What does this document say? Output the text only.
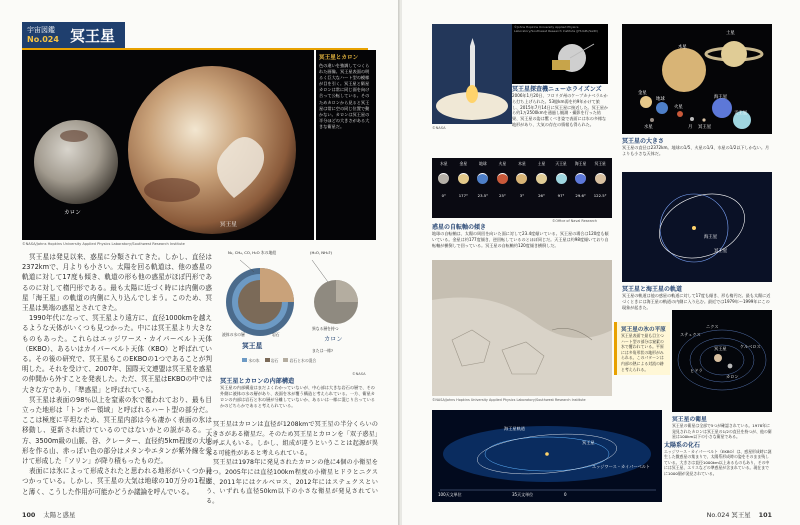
宇宙図鑑
No.024 冥王星
カロン
冥王星
©NASA/Johns Hopkins University Applied Physics Laboratory/Southwest Research Institute
冥王星とカロン
色の違いを強調してつくられた画像。冥王星表面の明るく巨大なハート型の模様が目を引く。冥王星と衛星カロンは常に同じ面を向け合って公転している。そのためカロンから見ると冥王星は常に空の同じ位置で動かない。カロンは冥王星の半分ほどの大きさがある大きな衛星だ。

冥王星は発見以来、惑星に分類されてきた。しかし、直径は2372kmで、月よりも小さい。太陽を回る軌道は、他の惑星の軌道に対して17度も傾き、軌道の形も他の惑星がほぼ円形であるのに対して楕円形である。最も太陽に近づく時には内側の惑星「海王星」の軌道の内側に入り込んでしまう。このため、冥王星は異端の惑星とされてきた。

1990年代になって、冥王星より遠方に、直径1000kmを越えるような天体がいくつも見つかった。中には冥王星より大きなものもあった。これらはエッジワース・カイパーベルト天体（EKBO）、あるいはカイパーベルト天体（KBO）と呼ばれている。その後の研究で、冥王星もこのEKBOの1つであることが判明した。それを受けて、2007年、国際天文連盟は冥王星を惑星の仲間から外すことを発表した。ただ、冥王星はEKBOの中では大きな方であり、「準惑星」と呼ばれている。

冥王星は表面の98％以上を窒素の氷で覆われており、最も目立った地形は「トンボー領域」と呼ばれるハート型の部分だ。ここは極度に平坦なため、冥王星内部は今も凄かく表面の氷は移動し、更新され続けているのではないかとの説がある。一方、3500m級の山脈、谷、クレーター、直径約5km程度の大地形を作る山、赤っぽい色の部分はメタンやエタンが紫外線を受けて形成した「ソリン」が降り積もったものだ。

表面には氷によって形成されたと思われる地形がいくつか見つかっている。しかし、冥王星の大気は地球の10万分の1程度と薄く、こうした作用が可能かどうか議論を呼んでいる。

N₂, CH₄, CO, H₂O 氷の地殻
液体の水の層	岩石
(H₂O, NH₃?)
異なる層を持つ
または一様?
冥王星
カロン
水の氷	岩石	岩石と水の混合
©NASA
冥王星とカロンの内部構造
冥王星の内部構造はまだよくわかっていないが、中心部は大きな岩石の層で、その外側に液体の水の層があり、表面を氷が覆う構造と考えられている。一方、衛星カロンの内部は岩石と氷の層が分離していないか、あるいは一様に混じり合っているかのどちらかであると考えられている。

冥王星はカロンは直径が1208kmで冥王星の半分くらいの大きさがある衛星だ。そのため冥王星とカロンを「双子惑星」と呼ぶ人もいる。しかし、組成が違うということは起源が異なる可能性があると考えられている。

冥王星は1978年に発見されたカロンの他に4個の小衛星を持つ。2005年には直径100km程度の小衛星ヒドラとニクスが、2011年にはケルベロス、2012年にはステュクスという、いずれも直径50km以下の小さな衛星が発見されている。

100 太陽と惑星
©NASA
©Johns Hopkins University Applied Physics Laboratory/Southwest Research Institute (JHUAPL/SwRI)
冥王星探査機ニューホライズンズ
2006年1月20日、フロリダ州のケープカナベラルから打ち上げられた。53億km弱を約9年かけて旅し、2015年7月14日に冥王星に接近した。冥王星から約1万2500kmを通過し観測・撮影を行った結果、冥王星の姿は驚くべき姿で表面には氷の多様な地形があり、大気の存在の情報も得られた。
土星
木星
金星
地球	海王星
火星
月 冥王星
天王星
水星
冥王星の大きさ
冥王星の直径は2372km。地球の1/5、火星の1/3、水星の1/2以下しかない。月よりも小さな天体だ。
水星
0°
金星
177°
地球
23.5°
火星
25°
木星
3°
土星
26°
天王星
97°
海王星
29.6°
冥王星
122.5°
©Office of Naval Research
惑星の自転軸の傾き
地球の自転軸は、太陽の周回を向いた面に対して23.4度傾いている。冥王星の場合は120度も傾いている。金星は約177度傾き、逆回転しているのとほぼ同じだ。天王星は約98度傾いており自転軸が横倒しで回っている。冥王星の自転軸約120度傾き横倒しだ。
海王星
冥王星
冥王星と海王星の軌道
冥王星の軌道は他の惑星の軌道に対して17度も傾き、形も楕円だ。最も太陽に近づくときには海王星の軌道の内側に入り込む。最近では1979年〜1999年にこの現象が起きた。
©NASA/Johns Hopkins University Applied Physics Laboratory/Southwest Research Institute
冥王星の氷の平原
冥王星表面で最も目立つハート型の部分は窒素の氷で覆われている。平原には多角形状の地形がみられる。このパターンは内部の熱による対流の跡と考えられる。
ニクス
ステュクス
冥王星	ケルベロス
ヒドラ
カロン
冥王星の衛星
冥王星の衛星は全部で5つが確認されている。1978年に発見されたカロンは冥王星の1/2の直径を持つが、他の衛星は100km以下の小さな衛星である。
海王星軌道
冥王星
エッジワース・カイパーベルト
100天文単位	35天文単位	0
太陽系の化石
エッジワース・カイパーベルト（EKBO）は、惑星形成時に誕生した微惑星の集まりで、太陽系形成時の姿をそのまま残している。大きさは直径1000km以上あるものもあり、その中には冥王星、エリスなどの準惑星が含まれている。現在までに1000個が発見されている。
No.024 冥王星 101
